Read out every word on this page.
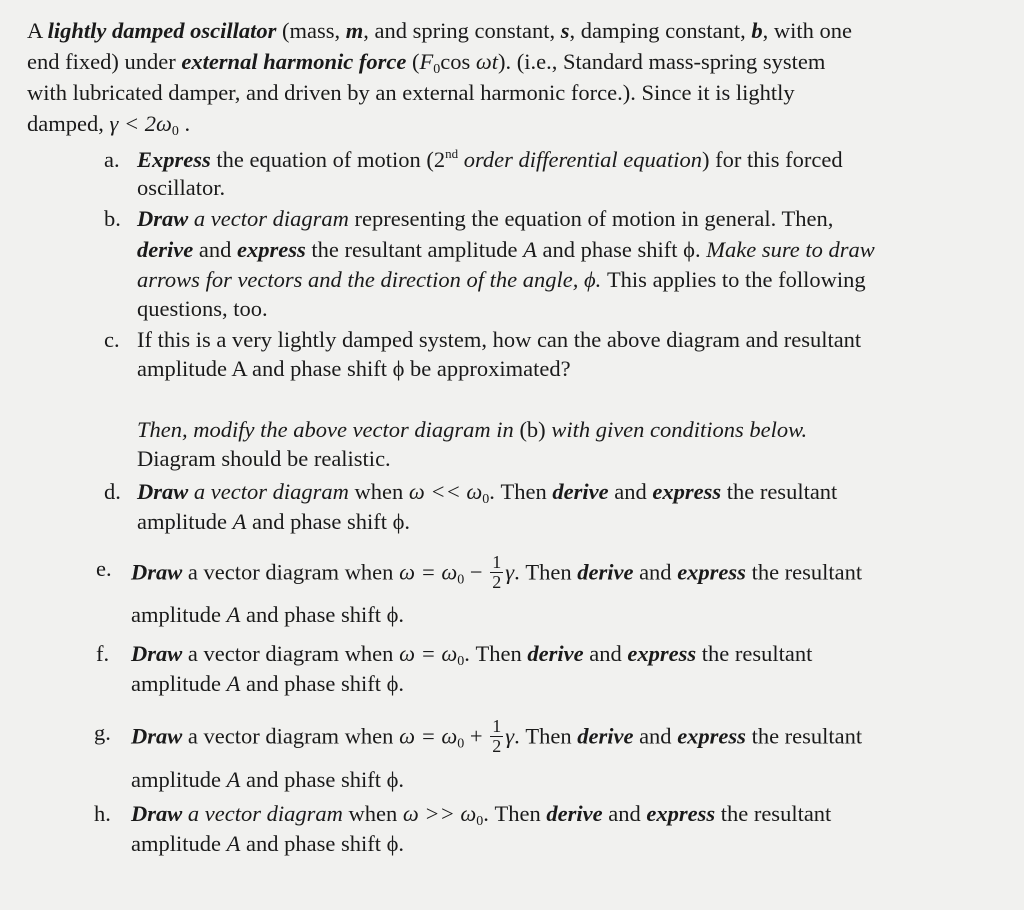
A lightly damped oscillator (mass, m, and spring constant, s, damping constant, b, with one
end fixed) under external harmonic force ($F_0\cos$ ωt). (i.e., Standard mass-spring system
with lubricated damper, and driven by an external harmonic force.). Since it is lightly
damped, $\gamma < 2\omega_0$ .
a. Express the equation of motion (2nd order differential equation) for this forced
oscillator.
b. Draw a vector diagram representing the equation of motion in general. Then,
derive and express the resultant amplitude A and phase shift ϕ. Make sure to draw
arrows for vectors and the direction of the angle, ϕ. This applies to the following
questions, too.
c. If this is a very lightly damped system, how can the above diagram and resultant
amplitude A and phase shift ϕ be approximated?
Then, modify the above vector diagram in (b) with given conditions below.
Diagram should be realistic.
d. Draw a vector diagram when $\omega << \omega_0$. Then derive and express the resultant
amplitude A and phase shift ϕ.
e. Draw a vector diagram when $\omega = \omega_0 - \frac{1}{2} \gamma$. Then derive and express the resultant
amplitude A and phase shift ϕ.
f. Draw a vector diagram when $\omega = \omega_0$. Then derive and express the resultant
amplitude A and phase shift ϕ.
g. Draw a vector diagram when $\omega = \omega_0 + \frac{1}{2} \gamma$. Then derive and express the resultant
amplitude A and phase shift ϕ.
h. Draw a vector diagram when $\omega >> \omega_0$. Then derive and express the resultant
amplitude A and phase shift ϕ.
